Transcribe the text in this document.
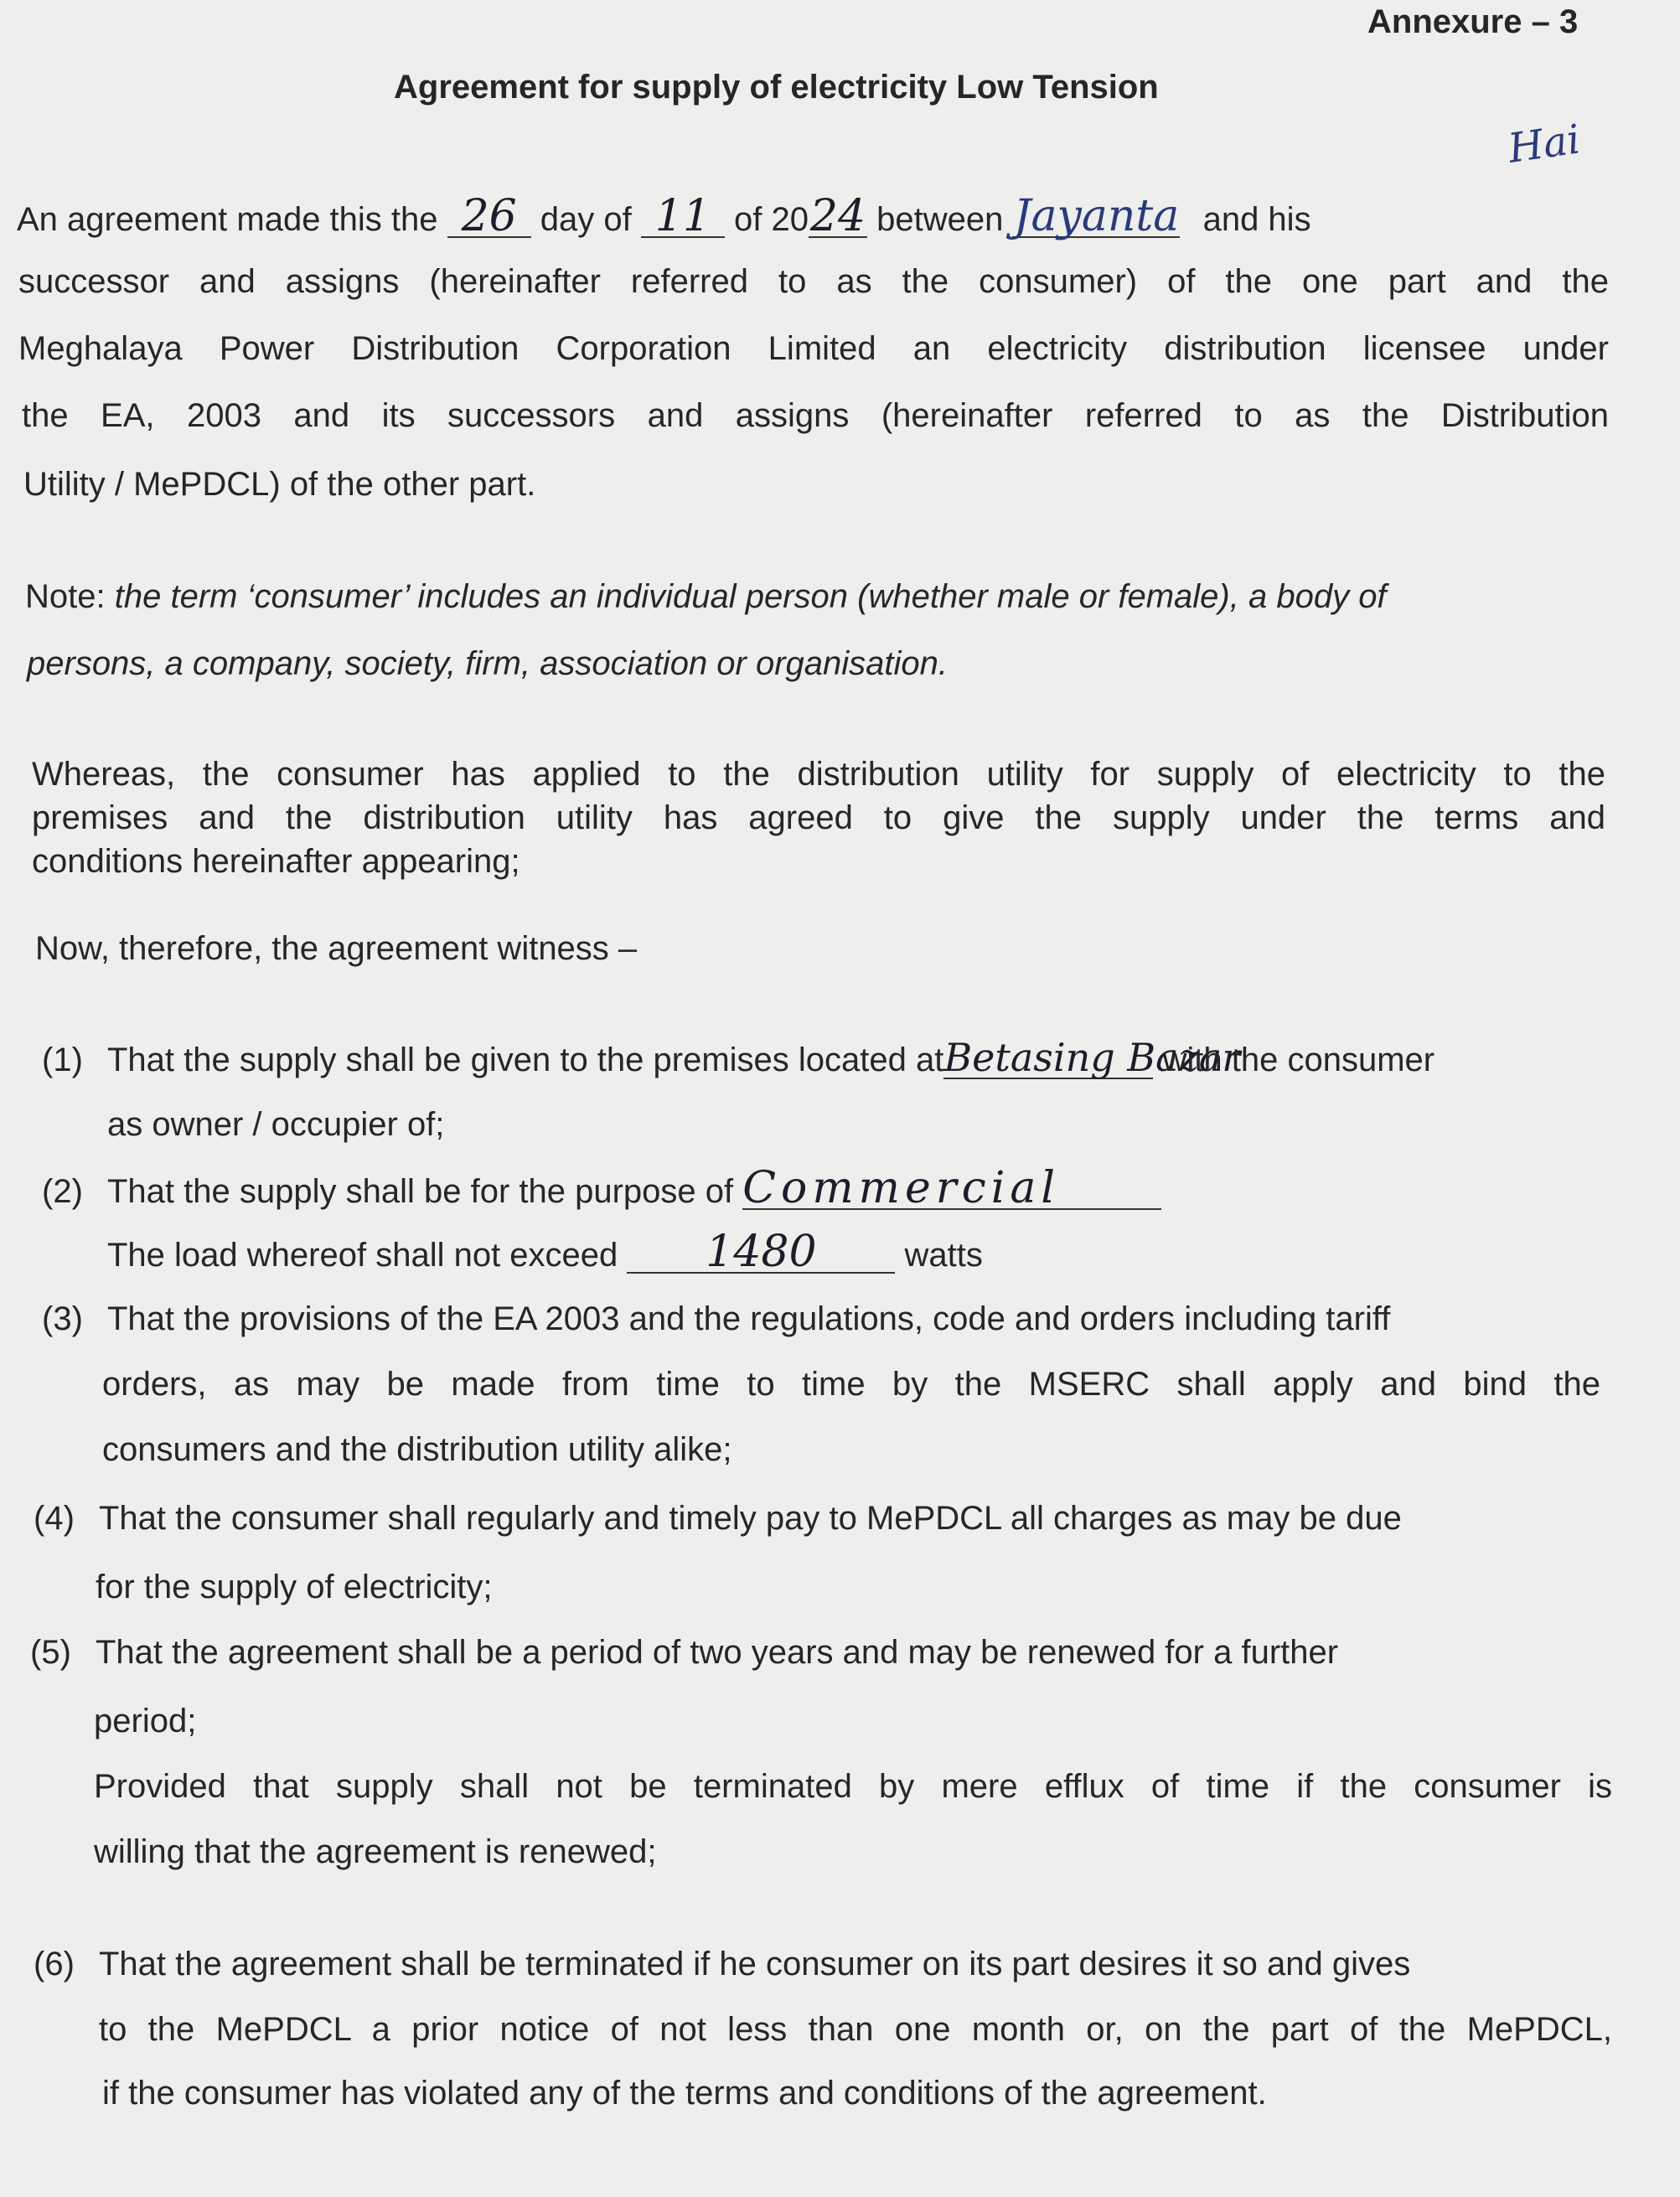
Annexure – 3
Agreement for supply of electricity Low Tension
An agreement made this the 26 day of 11 of 2024 between Jayanta and his
Hai
successor and assigns (hereinafter referred to as the consumer) of the one part and the
Meghalaya Power Distribution Corporation Limited an electricity distribution licensee under
the EA, 2003 and its successors and assigns (hereinafter referred to as the Distribution
Utility / MePDCL) of the other part.
Note: the term ‘consumer’ includes an individual person (whether male or female), a body of
persons, a company, society, firm, association or organisation.
Whereas, the consumer has applied to the distribution utility for supply of electricity to the
premises and the distribution utility has agreed to give the supply under the terms and
conditions hereinafter appearing;
Now, therefore, the agreement witness –
(1) That the supply shall be given to the premises located atBetasing Bazar with the consumer
as owner / occupier of;
(2) That the supply shall be for the purpose of Commercial
The load whereof shall not exceed 1480	watts
(3) That the provisions of the EA 2003 and the regulations, code and orders including tariff
orders, as may be made from time to time by the MSERC shall apply and bind the
consumers and the distribution utility alike;
(4) That the consumer shall regularly and timely pay to MePDCL all charges as may be due
for the supply of electricity;
(5) That the agreement shall be a period of two years and may be renewed for a further
period;
Provided that supply shall not be terminated by mere efflux of time if the consumer is
willing that the agreement is renewed;
(6) That the agreement shall be terminated if he consumer on its part desires it so and gives
to the MePDCL a prior notice of not less than one month or, on the part of the MePDCL,
if the consumer has violated any of the terms and conditions of the agreement.
